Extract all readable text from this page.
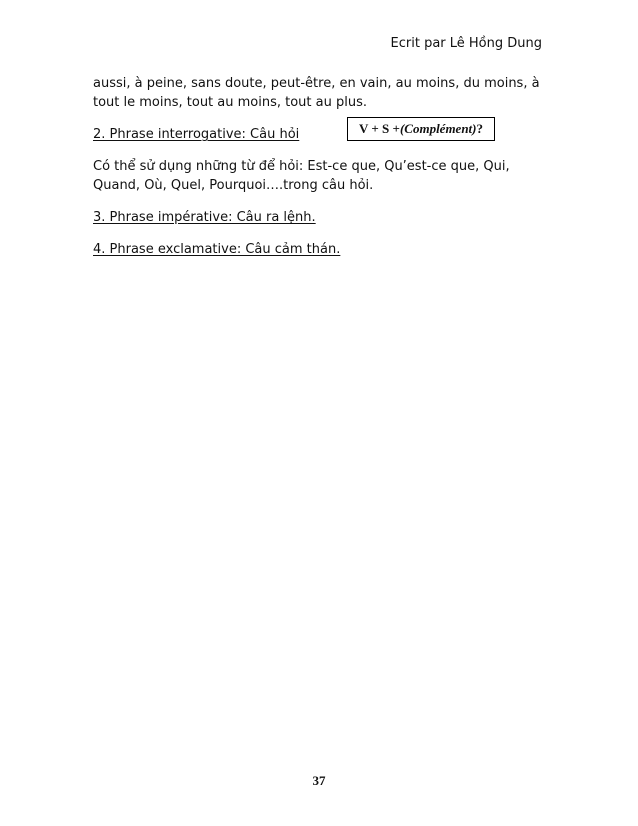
Ecrit par Lê Hồng Dung
aussi, à peine, sans doute, peut-être, en vain, au moins, du moins, à
tout le moins, tout au moins, tout au plus.
2. Phrase interrogative: Câu hỏi
Có thể sử dụng những từ để hỏi: Est-ce que, Qu’est-ce que, Qui,
Quand, Où, Quel, Pourquoi….trong câu hỏi.
3. Phrase impérative: Câu ra lệnh.
4. Phrase exclamative: Câu cảm thán.
V + S + (Complément) ?
37
